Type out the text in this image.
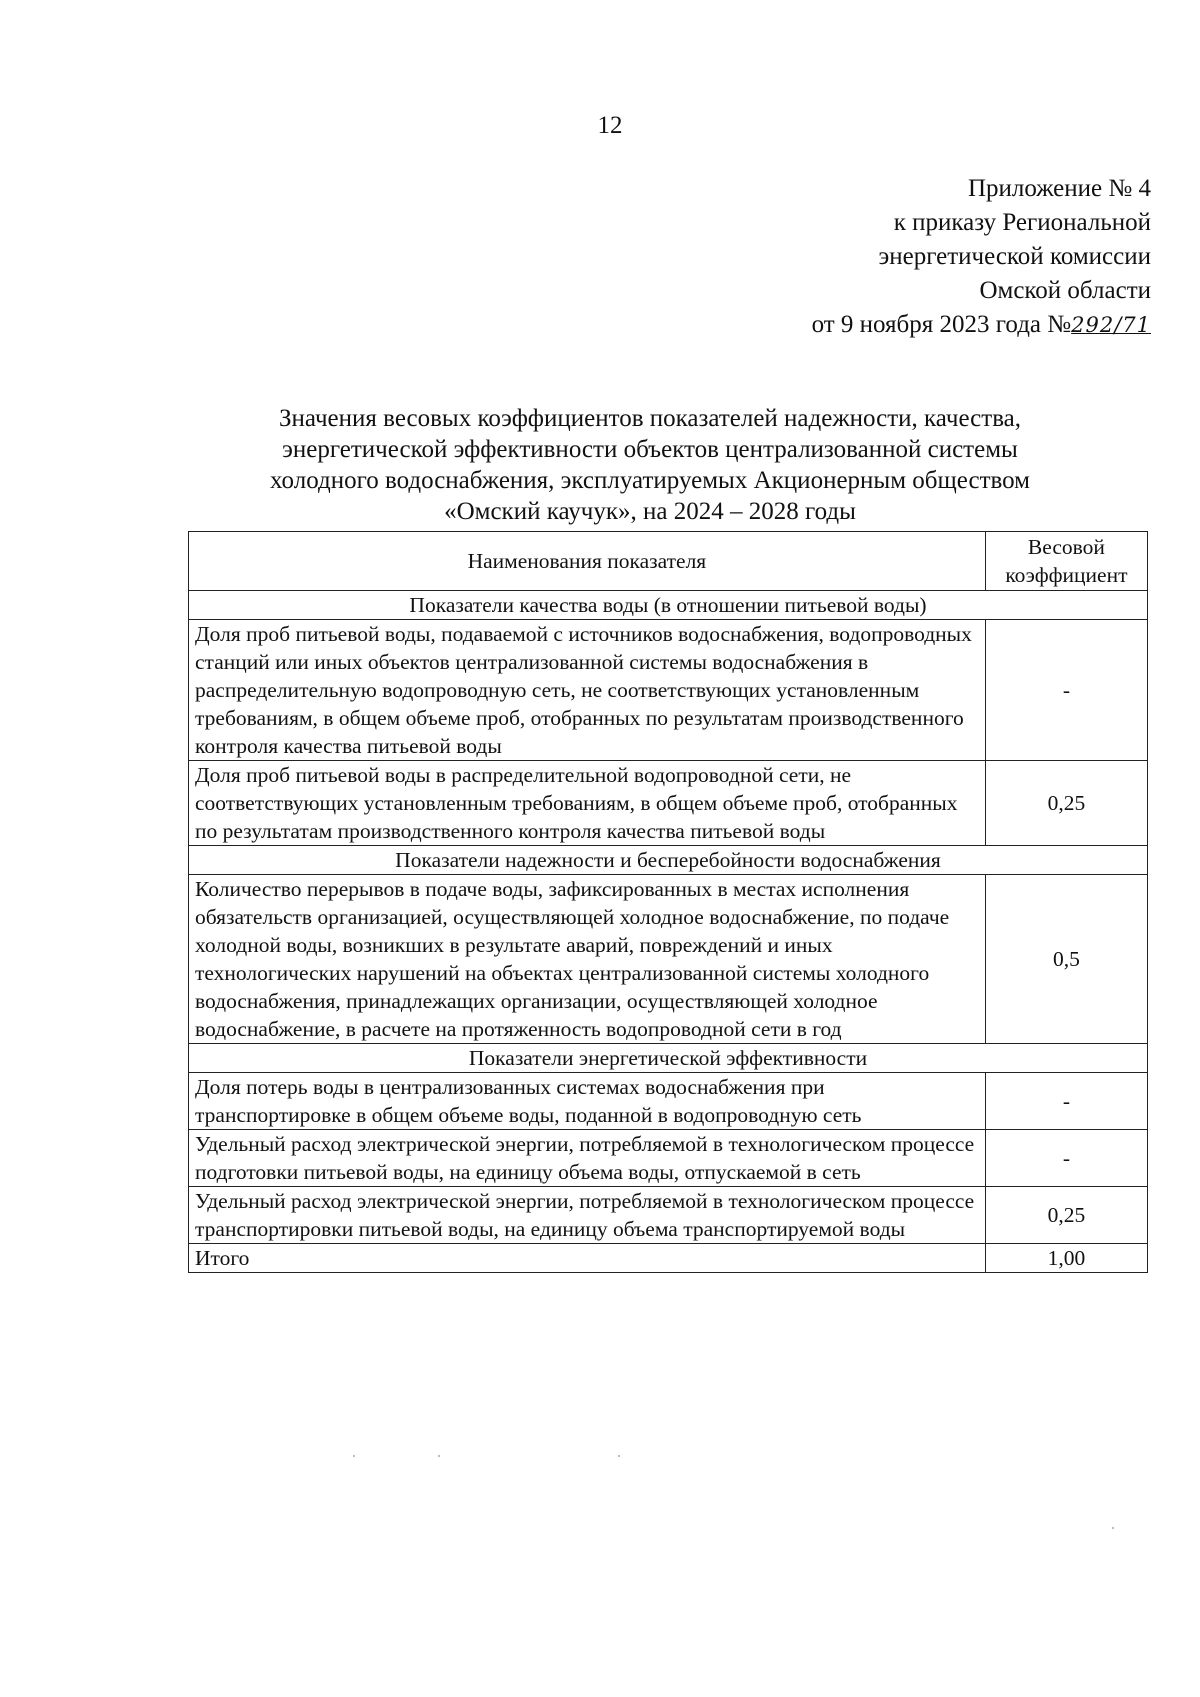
12
Приложение № 4
к приказу Региональной
энергетической комиссии
Омской области
от 9 ноября 2023 года №292/71
Значения весовых коэффициентов показателей надежности, качества,
энергетической эффективности объектов централизованной системы
холодного водоснабжения, эксплуатируемых Акционерным обществом
«Омский каучук», на 2024 – 2028 годы
Наименования показателя	Весовой
коэффициент

Показатели качества воды (в отношении питьевой воды)	
Доля проб питьевой воды, подаваемой с источников водоснабжения, водопроводных станций или иных объектов централизованной системы водоснабжения в распределительную водопроводную сеть, не соответствующих установленным требованиям, в общем объеме проб, отобранных по результатам производственного контроля качества питьевой воды	-
Доля проб питьевой воды в распределительной водопроводной сети, не соответствующих установленным требованиям, в общем объеме проб, отобранных по результатам производственного контроля качества питьевой воды	0,25
Показатели надежности и бесперебойности водоснабжения	
Количество перерывов в подаче воды, зафиксированных в местах исполнения обязательств организацией, осуществляющей холодное водоснабжение, по подаче холодной воды, возникших в результате аварий, повреждений и иных технологических нарушений на объектах централизованной системы холодного водоснабжения, принадлежащих организации, осуществляющей холодное водоснабжение, в расчете на протяженность водопроводной сети в год	0,5
Показатели энергетической эффективности	
Доля потерь воды в централизованных системах водоснабжения при транспортировке в общем объеме воды, поданной в водопроводную сеть	-
Удельный расход электрической энергии, потребляемой в технологическом процессе подготовки питьевой воды, на единицу объема воды, отпускаемой в сеть	-
Удельный расход электрической энергии, потребляемой в технологическом процессе транспортировки питьевой воды, на единицу объема транспортируемой воды	0,25
Итого	1,00
